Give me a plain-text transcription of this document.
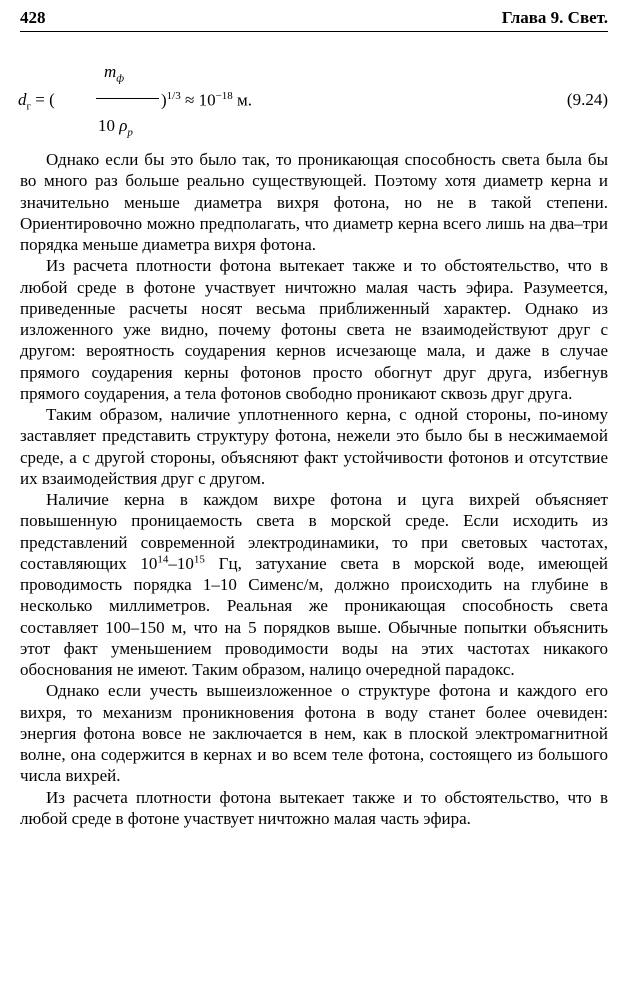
428	Глава 9. Свет.
$d_г$ = (
$m_ф$
10 $\rho_p$
)$^{1/3} \approx 10^{-18}$ м.	(9.24)

Однако если бы это было так, то проникающая способность света была бы во много раз больше реально существующей. Поэтому хотя диаметр керна и значительно меньше диаметра вихря фотона, но не в такой степени. Ориентировочно можно предполагать, что диаметр керна всего лишь на два–три порядка меньше диаметра вихря фотона.

Из расчета плотности фотона вытекает также и то обстоятельство, что в любой среде в фотоне участвует ничтожно малая часть эфира. Разумеется, приведенные расчеты носят весьма приближенный характер. Однако из изложенного уже видно, почему фотоны света не взаимодействуют друг с другом: вероятность соударения кернов исчезающе мала, и даже в случае прямого соударения керны фотонов просто обогнут друг друга, избегнув прямого соударения, а тела фотонов свободно проникают сквозь друг друга.

Таким образом, наличие уплотненного керна, с одной стороны, по-иному заставляет представить структуру фотона, нежели это было бы в несжимаемой среде, а с другой стороны, объясняют факт устойчивости фотонов и отсутствие их взаимодействия друг с другом.

Наличие керна в каждом вихре фотона и цуга вихрей объясняет повышенную проницаемость света в морской среде. Если исходить из представлений современной электродинамики, то при световых частотах, составляющих $10^{14}-10^{15}$ Гц, затухание света в морской воде, имеющей проводимость порядка 1–10 Сименс/м, должно происходить на глубине в несколько миллиметров. Реальная же проникающая способность света составляет 100–150 м, что на 5 порядков выше. Обычные попытки объяснить этот факт уменьшением проводимости воды на этих частотах никакого обоснования не имеют. Таким образом, налицо очередной парадокс.

Однако если учесть вышеизложенное о структуре фотона и каждого его вихря, то механизм проникновения фотона в воду станет более очевиден: энергия фотона вовсе не заключается в нем, как в плоской электромагнитной волне, она содержится в кернах и во всем теле фотона, состоящего из большого числа вихрей.

Из расчета плотности фотона вытекает также и то обстоятельство, что в любой среде в фотоне участвует ничтожно малая часть эфира.
